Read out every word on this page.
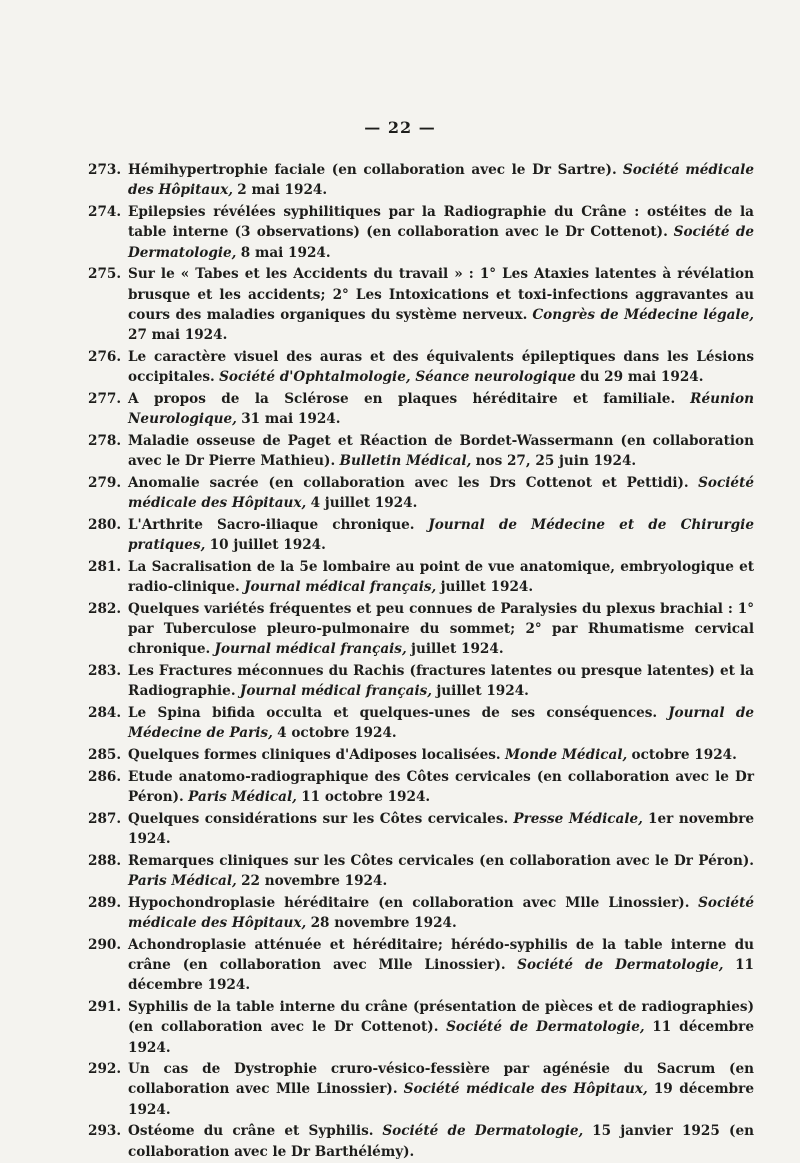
— 22 —
273. Hémihypertrophie faciale (en collaboration avec le Dr Sartre). Société médicale des Hôpitaux, 2 mai 1924.
274. Epilepsies révélées syphilitiques par la Radiographie du Crâne : ostéites de la table interne (3 observations) (en collaboration avec le Dr Cottenot). Société de Dermatologie, 8 mai 1924.
275. Sur le « Tabes et les Accidents du travail » : 1° Les Ataxies latentes à révélation brusque et les accidents; 2° Les Intoxications et toxi-infections aggravantes au cours des maladies organiques du système nerveux. Congrès de Médecine légale, 27 mai 1924.
276. Le caractère visuel des auras et des équivalents épileptiques dans les Lésions occipitales. Société d'Ophtalmologie, Séance neurologique du 29 mai 1924.
277. A propos de la Sclérose en plaques héréditaire et familiale. Réunion Neurologique, 31 mai 1924.
278. Maladie osseuse de Paget et Réaction de Bordet-Wassermann (en collaboration avec le Dr Pierre Mathieu). Bulletin Médical, nos 27, 25 juin 1924.
279. Anomalie sacrée (en collaboration avec les Drs Cottenot et Pettidi). Société médicale des Hôpitaux, 4 juillet 1924.
280. L'Arthrite Sacro-iliaque chronique. Journal de Médecine et de Chirurgie pratiques, 10 juillet 1924.
281. La Sacralisation de la 5e lombaire au point de vue anatomique, embryologique et radio-clinique. Journal médical français, juillet 1924.
282. Quelques variétés fréquentes et peu connues de Paralysies du plexus brachial : 1° par Tuberculose pleuro-pulmonaire du sommet; 2° par Rhumatisme cervical chronique. Journal médical français, juillet 1924.
283. Les Fractures méconnues du Rachis (fractures latentes ou presque latentes) et la Radiographie. Journal médical français, juillet 1924.
284. Le Spina bifida occulta et quelques-unes de ses conséquences. Journal de Médecine de Paris, 4 octobre 1924.
285. Quelques formes cliniques d'Adiposes localisées. Monde Médical, octobre 1924.
286. Etude anatomo-radiographique des Côtes cervicales (en collaboration avec le Dr Péron). Paris Médical, 11 octobre 1924.
287. Quelques considérations sur les Côtes cervicales. Presse Médicale, 1er novembre 1924.
288. Remarques cliniques sur les Côtes cervicales (en collaboration avec le Dr Péron). Paris Médical, 22 novembre 1924.
289. Hypochondroplasie héréditaire (en collaboration avec Mlle Linossier). Société médicale des Hôpitaux, 28 novembre 1924.
290. Achondroplasie atténuée et héréditaire; hérédo-syphilis de la table interne du crâne (en collaboration avec Mlle Linossier). Société de Dermatologie, 11 décembre 1924.
291. Syphilis de la table interne du crâne (présentation de pièces et de radiographies) (en collaboration avec le Dr Cottenot). Société de Dermatologie, 11 décembre 1924.
292. Un cas de Dystrophie cruro-vésico-fessière par agénésie du Sacrum (en collaboration avec Mlle Linossier). Société médicale des Hôpitaux, 19 décembre 1924.
293. Ostéome du crâne et Syphilis. Société de Dermatologie, 15 janvier 1925 (en collaboration avec le Dr Barthélémy).
